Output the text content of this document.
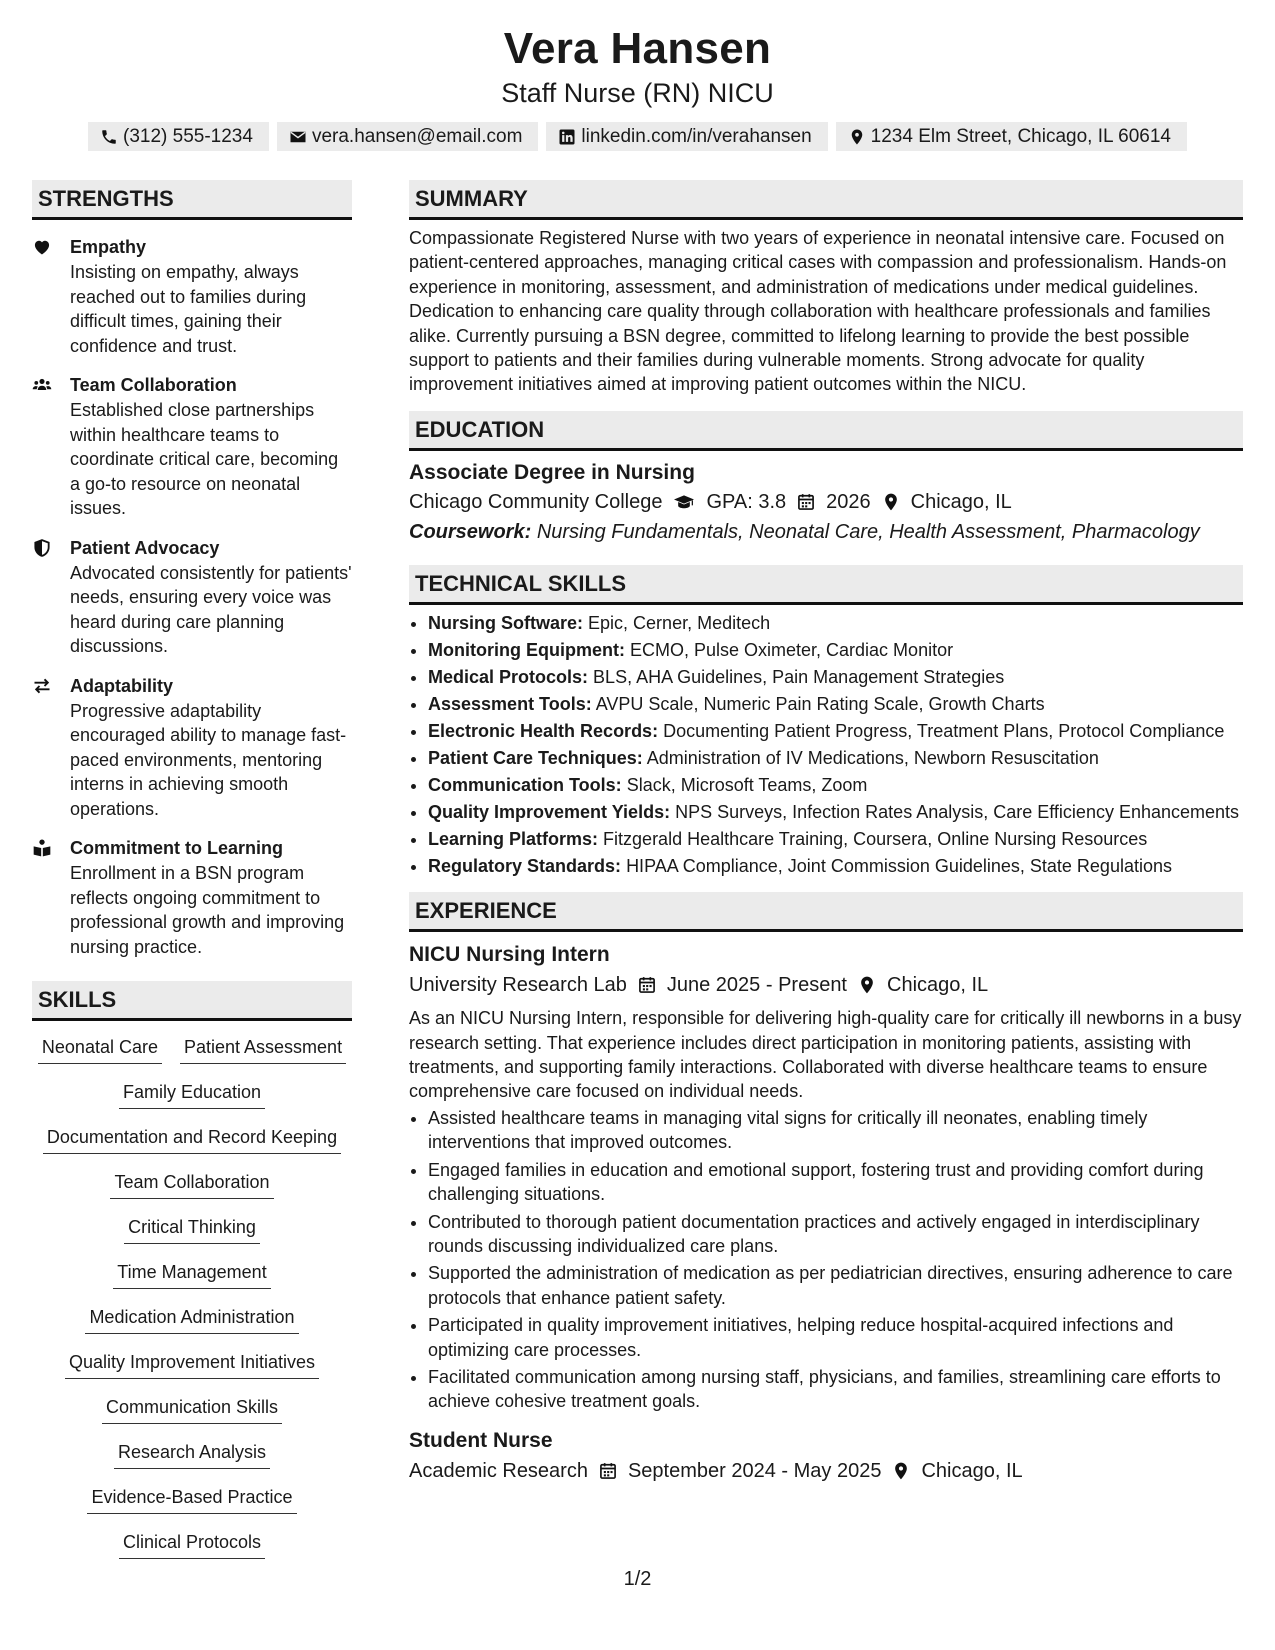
Vera Hansen
Staff Nurse (RN) NICU
(312) 555-1234	vera.hansen@email.com	linkedin.com/in/verahansen	1234 Elm Street, Chicago, IL 60614
STRENGTHS
Empathy
Insisting on empathy, always reached out to families during difficult times, gaining their confidence and trust.
Team Collaboration
Established close partnerships within healthcare teams to coordinate critical care, becoming a go-to resource on neonatal issues.
Patient Advocacy
Advocated consistently for patients' needs, ensuring every voice was heard during care planning discussions.
Adaptability
Progressive adaptability encouraged ability to manage fast-paced environments, mentoring interns in achieving smooth operations.
Commitment to Learning
Enrollment in a BSN program reflects ongoing commitment to professional growth and improving nursing practice.
SKILLS
Neonatal Care Patient Assessment
Family Education
Documentation and Record Keeping
Team Collaboration
Critical Thinking
Time Management
Medication Administration
Quality Improvement Initiatives
Communication Skills
Research Analysis
Evidence-Based Practice
Clinical Protocols
SUMMARY
Compassionate Registered Nurse with two years of experience in neonatal intensive care. Focused on patient-centered approaches, managing critical cases with compassion and professionalism. Hands-on experience in monitoring, assessment, and administration of medications under medical guidelines. Dedication to enhancing care quality through collaboration with healthcare professionals and families alike. Currently pursuing a BSN degree, committed to lifelong learning to provide the best possible support to patients and their families during vulnerable moments. Strong advocate for quality improvement initiatives aimed at improving patient outcomes within the NICU.
EDUCATION
Associate Degree in Nursing
Chicago Community College GPA: 3.8 2026 Chicago, IL
Coursework: Nursing Fundamentals, Neonatal Care, Health Assessment, Pharmacology
TECHNICAL SKILLS
• Nursing Software: Epic, Cerner, Meditech
• Monitoring Equipment: ECMO, Pulse Oximeter, Cardiac Monitor
• Medical Protocols: BLS, AHA Guidelines, Pain Management Strategies
• Assessment Tools: AVPU Scale, Numeric Pain Rating Scale, Growth Charts
• Electronic Health Records: Documenting Patient Progress, Treatment Plans, Protocol Compliance
• Patient Care Techniques: Administration of IV Medications, Newborn Resuscitation
• Communication Tools: Slack, Microsoft Teams, Zoom
• Quality Improvement Yields: NPS Surveys, Infection Rates Analysis, Care Efficiency Enhancements
• Learning Platforms: Fitzgerald Healthcare Training, Coursera, Online Nursing Resources
• Regulatory Standards: HIPAA Compliance, Joint Commission Guidelines, State Regulations
EXPERIENCE
NICU Nursing Intern
University Research Lab June 2025 - Present Chicago, IL
As an NICU Nursing Intern, responsible for delivering high-quality care for critically ill newborns in a busy research setting. That experience includes direct participation in monitoring patients, assisting with treatments, and supporting family interactions. Collaborated with diverse healthcare teams to ensure comprehensive care focused on individual needs.
• Assisted healthcare teams in managing vital signs for critically ill neonates, enabling timely interventions that improved outcomes.
• Engaged families in education and emotional support, fostering trust and providing comfort during challenging situations.
• Contributed to thorough patient documentation practices and actively engaged in interdisciplinary rounds discussing individualized care plans.
• Supported the administration of medication as per pediatrician directives, ensuring adherence to care protocols that enhance patient safety.
• Participated in quality improvement initiatives, helping reduce hospital-acquired infections and optimizing care processes.
• Facilitated communication among nursing staff, physicians, and families, streamlining care efforts to achieve cohesive treatment goals.
Student Nurse
Academic Research September 2024 - May 2025 Chicago, IL
1/2
